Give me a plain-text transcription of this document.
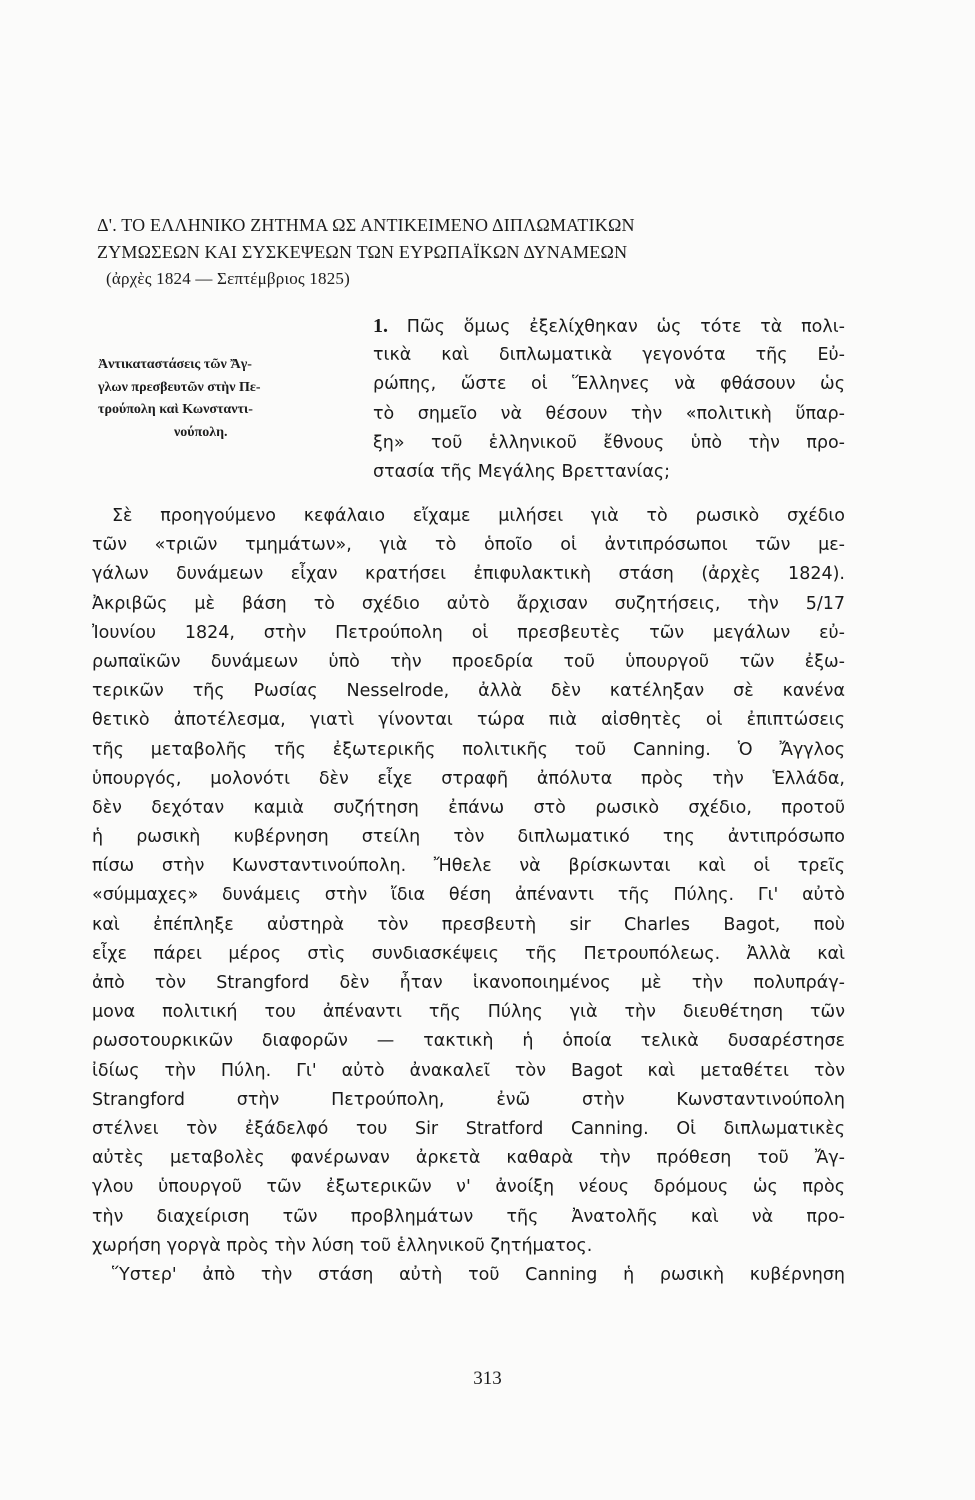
Δ'. ΤΟ ΕΛΛΗΝΙΚΟ ΖΗΤΗΜΑ ΩΣ ΑΝΤΙΚΕΙΜΕΝΟ ΔΙΠΛΩΜΑΤΙΚΩΝ
ΖΥΜΩΣΕΩΝ ΚΑΙ ΣΥΣΚΕΨΕΩΝ ΤΩΝ ΕΥΡΩΠΑΪΚΩΝ ΔΥΝΑΜΕΩΝ
(ἀρχὲς 1824 — Σεπτέμβριος 1825)
Ἀντικαταστάσεις τῶν Ἄγ-
γλων πρεσβευτῶν στὴν Πε-
τρούπολη καὶ Κωνσταντι-
νούπολη.
1. Πῶς ὅμως ἐξελίχθηκαν ὡς τότε τὰ πολι-
τικὰ καὶ διπλωματικὰ γεγονότα τῆς Εὐ-
ρώπης, ὥστε οἱ Ἕλληνες νὰ φθάσουν ὡς
τὸ σημεῖο νὰ θέσουν τὴν «πολιτικὴ ὕπαρ-
ξη» τοῦ ἑλληνικοῦ ἔθνους ὑπὸ τὴν προ-
στασία τῆς Μεγάλης Βρεττανίας;
Σὲ προηγούμενο κεφάλαιο εἴχαμε μιλήσει γιὰ τὸ ρωσικὸ σχέδιο
τῶν «τριῶν τμημάτων», γιὰ τὸ ὁποῖο οἱ ἀντιπρόσωποι τῶν με-
γάλων δυνάμεων εἶχαν κρατήσει ἐπιφυλακτικὴ στάση (ἀρχὲς 1824).
Ἀκριβῶς μὲ βάση τὸ σχέδιο αὐτὸ ἄρχισαν συζητήσεις, τὴν 5/17
Ἰουνίου 1824, στὴν Πετρούπολη οἱ πρεσβευτὲς τῶν μεγάλων εὐ-
ρωπαϊκῶν δυνάμεων ὑπὸ τὴν προεδρία τοῦ ὑπουργοῦ τῶν ἐξω-
τερικῶν τῆς Ρωσίας Nesselrode, ἀλλὰ δὲν κατέληξαν σὲ κανένα
θετικὸ ἀποτέλεσμα, γιατὶ γίνονται τώρα πιὰ αἰσθητὲς οἱ ἐπιπτώσεις
τῆς μεταβολῆς τῆς ἐξωτερικῆς πολιτικῆς τοῦ Canning. Ὁ Ἄγγλος
ὑπουργός, μολονότι δὲν εἶχε στραφῆ ἀπόλυτα πρὸς τὴν Ἑλλάδα,
δὲν δεχόταν καμιὰ συζήτηση ἐπάνω στὸ ρωσικὸ σχέδιο, προτοῦ
ἡ ρωσικὴ κυβέρνηση στείλη τὸν διπλωματικό της ἀντιπρόσωπο
πίσω στὴν Κωνσταντινούπολη. Ἤθελε νὰ βρίσκωνται καὶ οἱ τρεῖς
«σύμμαχες» δυνάμεις στὴν ἴδια θέση ἀπέναντι τῆς Πύλης. Γι' αὐτὸ
καὶ ἐπέπληξε αὐστηρὰ τὸν πρεσβευτὴ sir Charles Bagot, ποὺ
εἶχε πάρει μέρος στὶς συνδιασκέψεις τῆς Πετρουπόλεως. Ἀλλὰ καὶ
ἀπὸ τὸν Strangford δὲν ἦταν ἱκανοποιημένος μὲ τὴν πολυπράγ-
μονα πολιτική του ἀπέναντι τῆς Πύλης γιὰ τὴν διευθέτηση τῶν
ρωσοτουρκικῶν διαφορῶν — τακτικὴ ἡ ὁποία τελικὰ δυσαρέστησε
ἰδίως τὴν Πύλη. Γι' αὐτὸ ἀνακαλεῖ τὸν Bagot καὶ μεταθέτει τὸν
Strangford στὴν Πετρούπολη, ἐνῶ στὴν Κωνσταντινούπολη
στέλνει τὸν ἐξάδελφό του Sir Stratford Canning. Οἱ διπλωματικὲς
αὐτὲς μεταβολὲς φανέρωναν ἀρκετὰ καθαρὰ τὴν πρόθεση τοῦ Ἄγ-
γλου ὑπουργοῦ τῶν ἐξωτερικῶν ν' ἀνοίξη νέους δρόμους ὡς πρὸς
τὴν διαχείριση τῶν προβλημάτων τῆς Ἀνατολῆς καὶ νὰ προ-
χωρήση γοργὰ πρὸς τὴν λύση τοῦ ἑλληνικοῦ ζητήματος.
Ὕστερ' ἀπὸ τὴν στάση αὐτὴ τοῦ Canning ἡ ρωσικὴ κυβέρνηση
313
